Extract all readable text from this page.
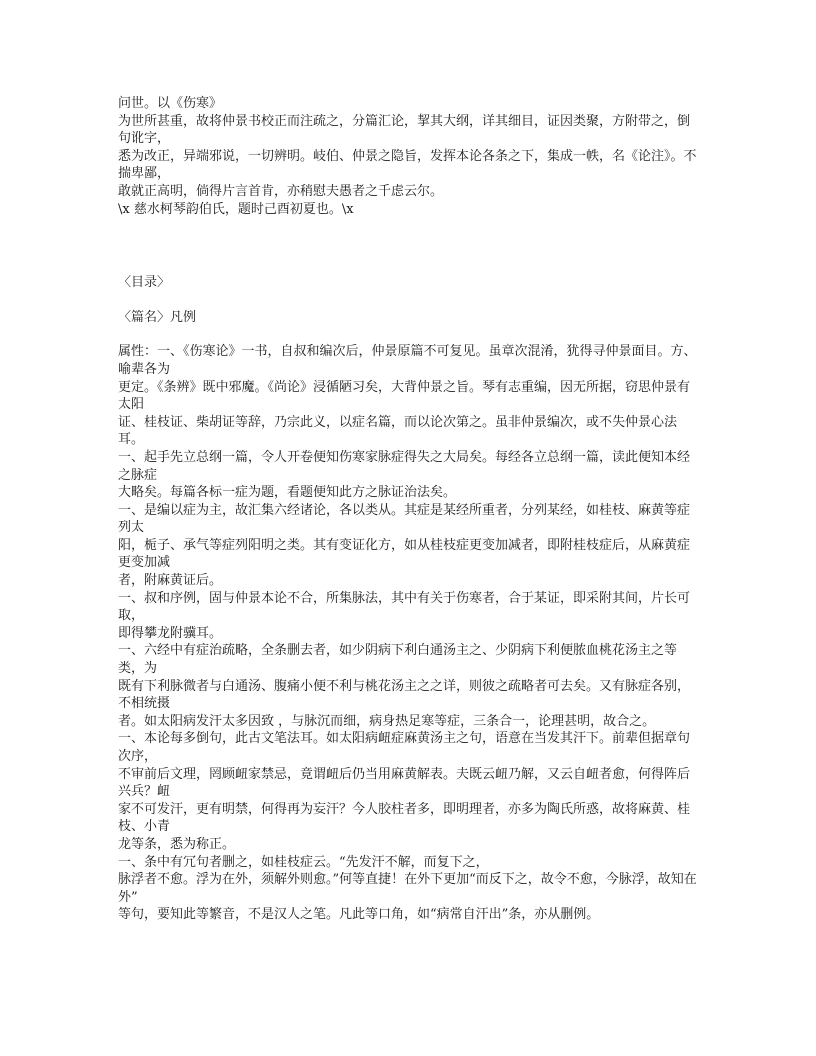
问世。以《伤寒》

为世所甚重，故将仲景书校正而注疏之，分篇汇论，挈其大纲，详其细目，证因类聚，方附带之，倒句讹字，

悉为改正，异端邪说，一切辨明。岐伯、仲景之隐旨，发挥本论各条之下，集成一帙，名《论注》。不揣卑鄙，

敢就正高明，倘得片言首肯，亦稍慰夫愚者之千虑云尔。

\x 慈水柯琴韵伯氏，题时己酉初夏也。\x

〈目录〉

〈篇名〉凡例

属性：一、《伤寒论》一书，自叔和编次后，仲景原篇不可复见。虽章次混淆，犹得寻仲景面目。方、喻辈各为

更定。《条辨》既中邪魔。《尚论》浸循陋习矣，大背仲景之旨。琴有志重编，因无所据，窃思仲景有太阳

证、桂枝证、柴胡证等辞，乃宗此义，以症名篇，而以论次第之。虽非仲景编次，或不失仲景心法耳。

一、起手先立总纲一篇，令人开卷便知伤寒家脉症得失之大局矣。每经各立总纲一篇，读此便知本经之脉症

大略矣。每篇各标一症为题，看题便知此方之脉证治法矣。

一、是编以症为主，故汇集六经诸论，各以类从。其症是某经所重者，分列某经，如桂枝、麻黄等症列太

阳，栀子、承气等症列阳明之类。其有变证化方，如从桂枝症更变加减者，即附桂枝症后，从麻黄症更变加减

者，附麻黄证后。

一、叔和序例，固与仲景本论不合，所集脉法，其中有关于伤寒者，合于某证，即采附其间，片长可取，

即得攀龙附骥耳。

一、六经中有症治疏略，全条删去者，如少阴病下利白通汤主之、少阴病下利便脓血桃花汤主之等类，为

既有下利脉微者与白通汤、腹痛小便不利与桃花汤主之之详，则彼之疏略者可去矣。又有脉症各别，不相统摄

者。如太阳病发汗太多因致 ，与脉沉而细，病身热足寒等症，三条合一，论理甚明，故合之。

一、本论每多倒句，此古文笔法耳。如太阳病衄症麻黄汤主之句，语意在当发其汗下。前辈但据章句次序，

不审前后文理，罔顾衄家禁忌，竟谓衄后仍当用麻黄解表。夫既云衄乃解，又云自衄者愈，何得阵后兴兵？衄

家不可发汗，更有明禁，何得再为妄汗？今人胶柱者多，即明理者，亦多为陶氏所惑，故将麻黄、桂枝、小青

龙等条，悉为称正。

一、条中有冗句者删之，如桂枝症云。“先发汗不解，而复下之，

脉浮者不愈。浮为在外，须解外则愈。”何等直捷！在外下更加“而反下之，故令不愈，今脉浮，故知在外”

等句，要知此等繁音，不是汉人之笔。凡此等口角，如“病常自汗出”条，亦从删例。
